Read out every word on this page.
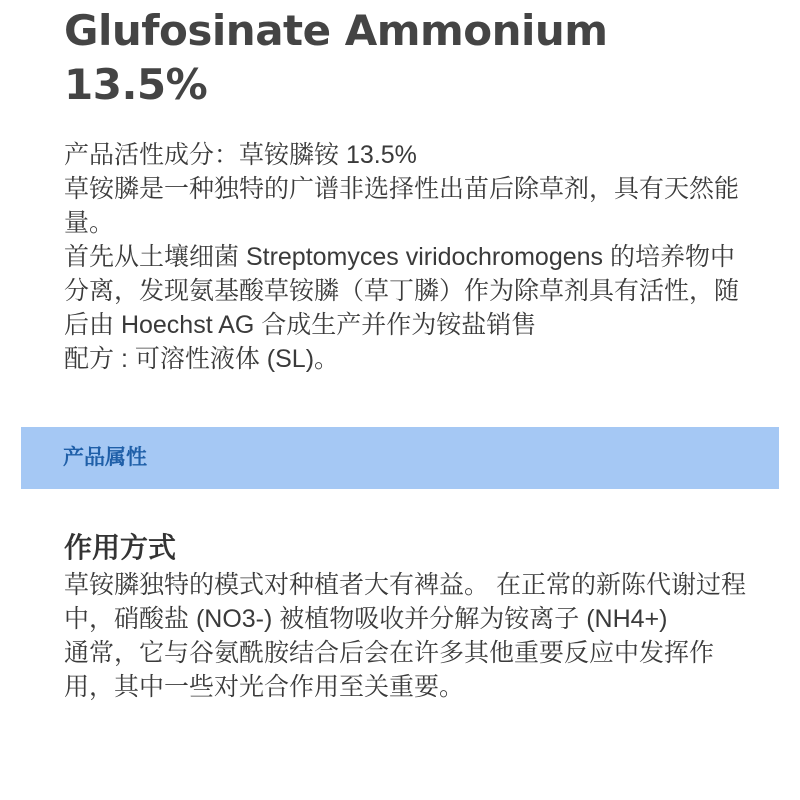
Glufosinate Ammonium
13.5%

产品活性成分：草铵膦铵 13.5%

草铵膦是一种独特的广谱非选择性出苗后除草剂，具有天然能量。

首先从土壤细菌 Streptomyces viridochromogens 的培养物中分离，发现氨基酸草铵膦（草丁膦）作为除草剂具有活性，随后由 Hoechst AG 合成生产并作为铵盐销售

配方 : 可溶性液体 (SL)。

产品属性
作用方式

草铵膦独特的模式对种植者大有裨益。 在正常的新陈代谢过程中，硝酸盐 (NO3-) 被植物吸收并分解为铵离子 (NH4+)

通常，它与谷氨酰胺结合后会在许多其他重要反应中发挥作用，其中一些对光合作用至关重要。
